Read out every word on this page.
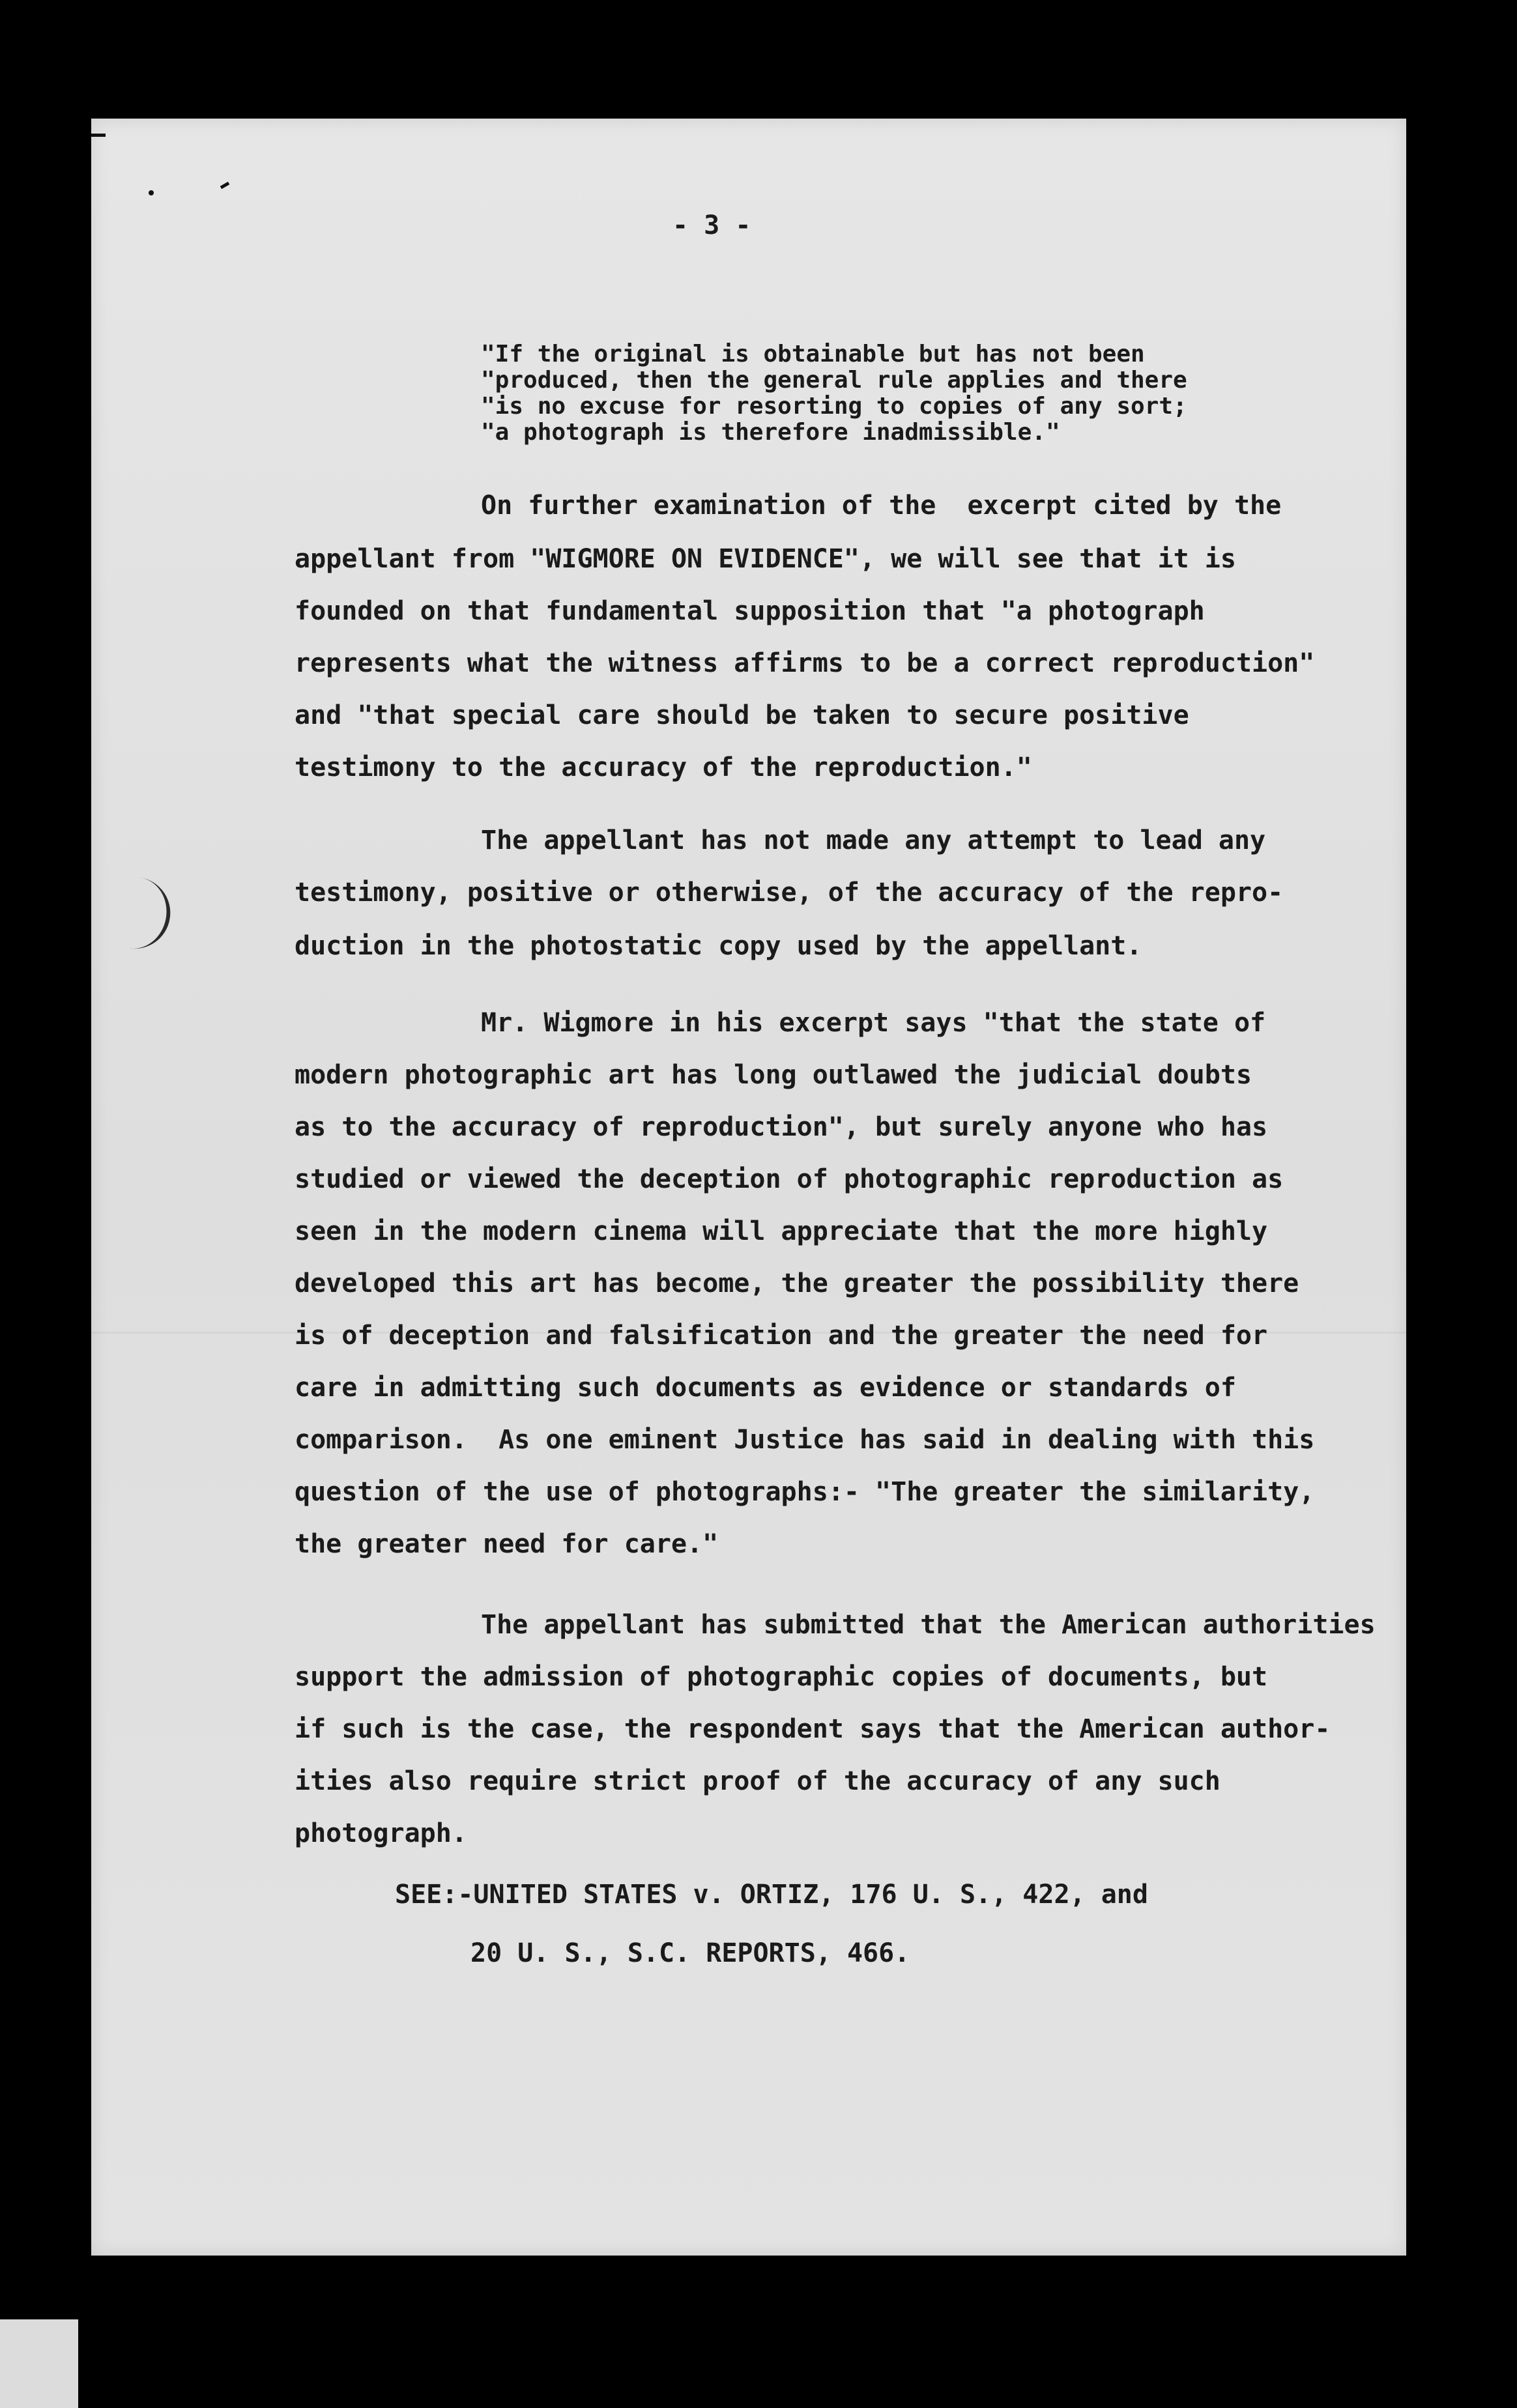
- 3 -
"If the original is obtainable but has not been
"produced, then the general rule applies and there
"is no excuse for resorting to copies of any sort;
"a photograph is therefore inadmissible."
On further examination of the  excerpt cited by the
appellant from "WIGMORE ON EVIDENCE", we will see that it is
founded on that fundamental supposition that "a photograph
represents what the witness affirms to be a correct reproduction"
and "that special care should be taken to secure positive
testimony to the accuracy of the reproduction."
The appellant has not made any attempt to lead any
testimony, positive or otherwise, of the accuracy of the repro-
duction in the photostatic copy used by the appellant.
Mr. Wigmore in his excerpt says "that the state of
modern photographic art has long outlawed the judicial doubts
as to the accuracy of reproduction", but surely anyone who has
studied or viewed the deception of photographic reproduction as
seen in the modern cinema will appreciate that the more highly
developed this art has become, the greater the possibility there
is of deception and falsification and the greater the need for
care in admitting such documents as evidence or standards of
comparison.  As one eminent Justice has said in dealing with this
question of the use of photographs:- "The greater the similarity,
the greater need for care."
The appellant has submitted that the American authorities
support the admission of photographic copies of documents, but
if such is the case, the respondent says that the American author-
ities also require strict proof of the accuracy of any such
photograph.
SEE:-UNITED STATES v. ORTIZ, 176 U. S., 422, and
20 U. S., S.C. REPORTS, 466.
